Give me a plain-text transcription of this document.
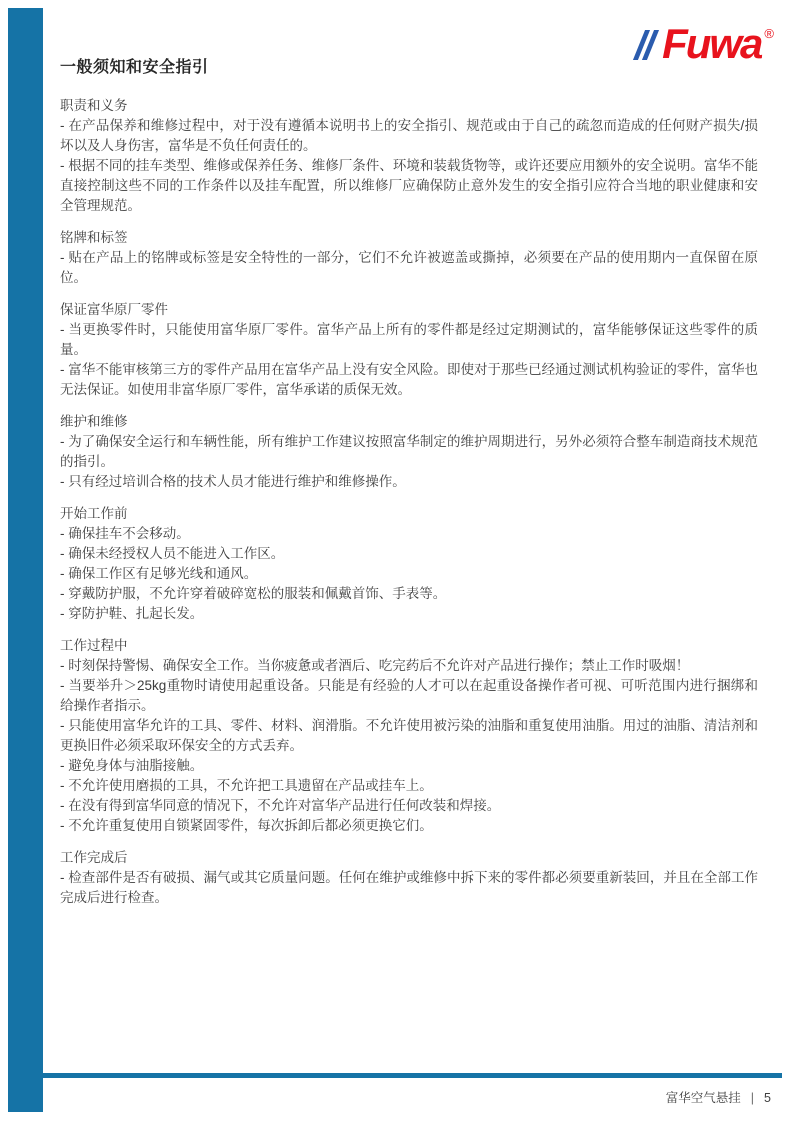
一般须知和安全指引
Fuwa ®
职责和义务

- 在产品保养和维修过程中，对于没有遵循本说明书上的安全指引、规范或由于自己的疏忽而造成的任何财产损失/损坏以及人身伤害，富华是不负任何责任的。

- 根据不同的挂车类型、维修或保养任务、维修厂条件、环境和装载货物等，或许还要应用额外的安全说明。富华不能直接控制这些不同的工作条件以及挂车配置，所以维修厂应确保防止意外发生的安全指引应符合当地的职业健康和安全管理规范。

铭牌和标签

- 贴在产品上的铭牌或标签是安全特性的一部分，它们不允许被遮盖或撕掉，必须要在产品的使用期内一直保留在原位。

保证富华原厂零件

- 当更换零件时，只能使用富华原厂零件。富华产品上所有的零件都是经过定期测试的，富华能够保证这些零件的质量。

- 富华不能审核第三方的零件产品用在富华产品上没有安全风险。即使对于那些已经通过测试机构验证的零件，富华也无法保证。如使用非富华原厂零件，富华承诺的质保无效。

维护和维修

- 为了确保安全运行和车辆性能，所有维护工作建议按照富华制定的维护周期进行，另外必须符合整车制造商技术规范的指引。

- 只有经过培训合格的技术人员才能进行维护和维修操作。

开始工作前

- 确保挂车不会移动。

- 确保未经授权人员不能进入工作区。

- 确保工作区有足够光线和通风。

- 穿戴防护服，不允许穿着破碎宽松的服装和佩戴首饰、手表等。

- 穿防护鞋、扎起长发。

工作过程中

- 时刻保持警惕、确保安全工作。当你疲惫或者酒后、吃完药后不允许对产品进行操作；禁止工作时吸烟！

- 当要举升＞25kg重物时请使用起重设备。只能是有经验的人才可以在起重设备操作者可视、可听范围内进行捆绑和给操作者指示。

- 只能使用富华允许的工具、零件、材料、润滑脂。不允许使用被污染的油脂和重复使用油脂。用过的油脂、清洁剂和更换旧件必须采取环保安全的方式丢弃。

- 避免身体与油脂接触。

- 不允许使用磨损的工具，不允许把工具遗留在产品或挂车上。

- 在没有得到富华同意的情况下，不允许对富华产品进行任何改装和焊接。

- 不允许重复使用自锁紧固零件，每次拆卸后都必须更换它们。

工作完成后

- 检查部件是否有破损、漏气或其它质量问题。任何在维护或维修中拆下来的零件都必须要重新装回，并且在全部工作完成后进行检查。

富华空气悬挂 | 5
